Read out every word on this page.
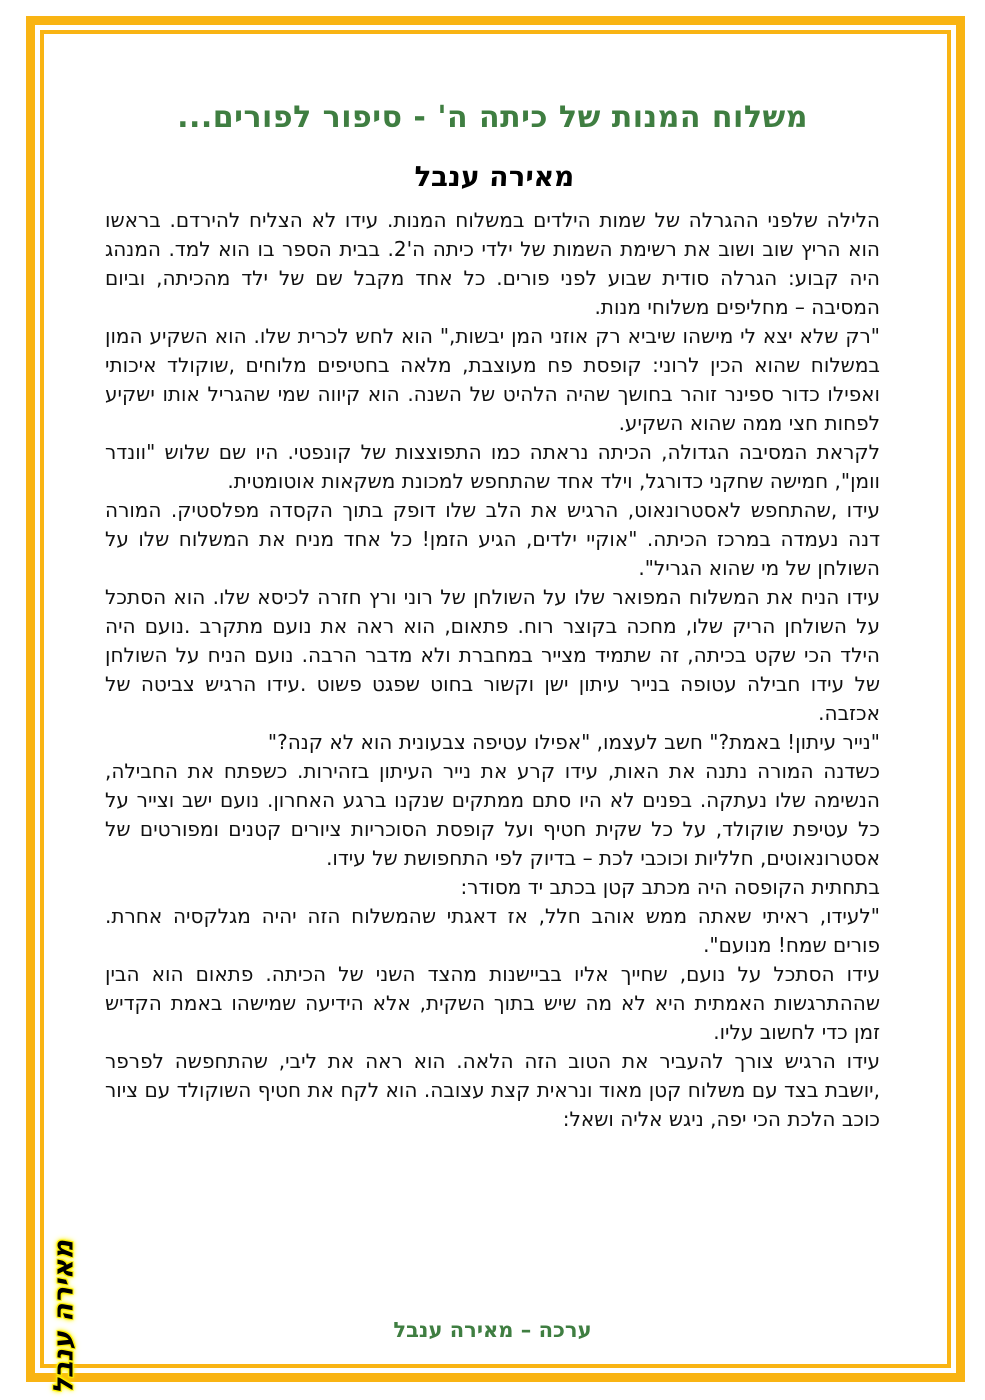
משלוח המנות של כיתה ה' - סיפור לפורים...
מאירה ענבל

הלילה שלפני ההגרלה של שמות הילדים במשלוח המנות. עידו לא הצליח להירדם. בראשו הוא הריץ שוב ושוב את רשימת השמות של ילדי כיתה ה'2. בבית הספר בו הוא למד. המנהג היה קבוע: הגרלה סודית שבוע לפני פורים. כל אחד מקבל שם של ילד מהכיתה, וביום המסיבה – מחליפים משלוחי מנות.

"רק שלא יצא לי מישהו שיביא רק אוזני המן יבשות," הוא לחש לכרית שלו. הוא השקיע המון במשלוח שהוא הכין לרוני: קופסת פח מעוצבת, מלאה בחטיפים מלוחים ,שוקולד איכותי ואפילו כדור ספינר זוהר בחושך שהיה הלהיט של השנה. הוא קיווה שמי שהגריל אותו ישקיע לפחות חצי ממה שהוא השקיע.

לקראת המסיבה הגדולה, הכיתה נראתה כמו התפוצצות של קונפטי. היו שם שלוש "וונדר וומן", חמישה שחקני כדורגל, וילד אחד שהתחפש למכונת משקאות אוטומטית.

עידו ,שהתחפש לאסטרונאוט, הרגיש את הלב שלו דופק בתוך הקסדה מפלסטיק. המורה דנה נעמדה במרכז הכיתה. "אוקיי ילדים, הגיע הזמן! כל אחד מניח את המשלוח שלו על השולחן של מי שהוא הגריל".

עידו הניח את המשלוח המפואר שלו על השולחן של רוני ורץ חזרה לכיסא שלו. הוא הסתכל על השולחן הריק שלו, מחכה בקוצר רוח. פתאום, הוא ראה את נועם מתקרב .נועם היה הילד הכי שקט בכיתה, זה שתמיד מצייר במחברת ולא מדבר הרבה. נועם הניח על השולחן של עידו חבילה עטופה בנייר עיתון ישן וקשור בחוט שפגט פשוט .עידו הרגיש צביטה של אכזבה.

"נייר עיתון! באמת?" חשב לעצמו, "אפילו עטיפה צבעונית הוא לא קנה?"

כשדנה המורה נתנה את האות, עידו קרע את נייר העיתון בזהירות. כשפתח את החבילה, הנשימה שלו נעתקה. בפנים לא היו סתם ממתקים שנקנו ברגע האחרון. נועם ישב וצייר על כל עטיפת שוקולד, על כל שקית חטיף ועל קופסת הסוכריות ציורים קטנים ומפורטים של אסטרונאוטים, חלליות וכוכבי לכת – בדיוק לפי התחפושת של עידו.

בתחתית הקופסה היה מכתב קטן בכתב יד מסודר:

"לעידו, ראיתי שאתה ממש אוהב חלל, אז דאגתי שהמשלוח הזה יהיה מגלקסיה אחרת. פורים שמח! מנועם".

עידו הסתכל על נועם, שחייך אליו בביישנות מהצד השני של הכיתה. פתאום הוא הבין שההתרגשות האמתית היא לא מה שיש בתוך השקית, אלא הידיעה שמישהו באמת הקדיש זמן כדי לחשוב עליו.

עידו הרגיש צורך להעביר את הטוב הזה הלאה. הוא ראה את ליבי, שהתחפשה לפרפר ,יושבת בצד עם משלוח קטן מאוד ונראית קצת עצובה. הוא לקח את חטיף השוקולד עם ציור כוכב הלכת הכי יפה, ניגש אליה ושאל:

מאירה ענבל	ערכה – מאירה ענבל
